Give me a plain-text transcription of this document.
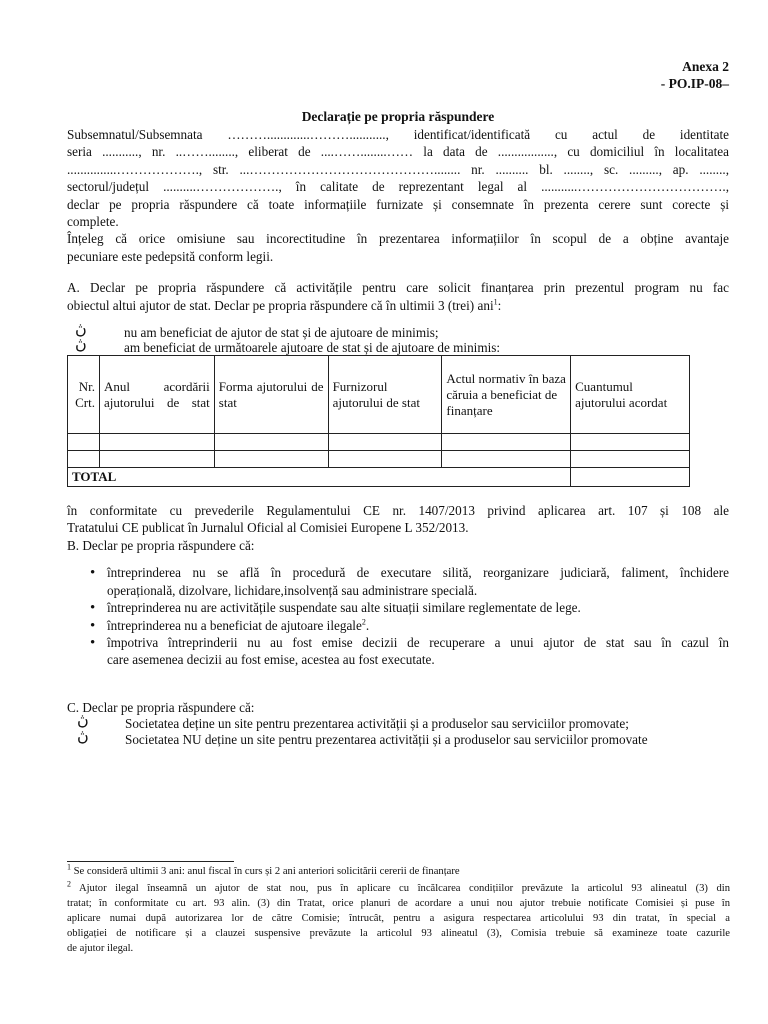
Anexa 2
- PO.IP-08–
Declarație pe propria răspundere

Subsemnatul/Subsemnata ……….............………..........., identificat/identificată cu actul de identitate

seria ..........., nr. ..……........, eliberat de ....……........…… la data de ................., cu domiciliul în localitatea

...............………………., str. ...……………………………………........ nr. .......... bl. ........, sc. ........., ap. ........,

sectorul/județul ..........………………., în calitate de reprezentant legal al ...........…………………………….,

declar pe propria răspundere că toate informațiile furnizate și consemnate în prezenta cerere sunt corecte și

complete.

Înțeleg că orice omisiune sau incorectitudine în prezentarea informațiilor în scopul de a obține avantaje

pecuniare este pedepsită conform legii.

A. Declar pe propria răspundere că activitățile pentru care solicit finanțarea prin prezentul program nu fac

obiectul altui ajutor de stat. Declar pe propria răspundere că în ultimii 3 (trei) ani$^1$:

ڽ	nu am beneficiat de ajutor de stat și de ajutoare de minimis;

ڽ	am beneficiat de următoarele ajutoare de stat și de ajutoare de minimis:

Nr. Crt.	Anul acordării ajutorului de stat	Forma ajutorului de stat	Furnizorul ajutorului de stat	Actul normativ în baza căruia a beneficiat de finanțare	Cuantumul ajutorului acordat

TOTAL					

în conformitate cu prevederile Regulamentului CE nr. 1407/2013 privind aplicarea art. 107 și 108 ale

Tratatului CE publicat în Jurnalul Oficial al Comisiei Europene L 352/2013.

B. Declar pe propria răspundere că:

• întreprinderea nu se află în procedură de executare silită, reorganizare judiciară, faliment, închidere
operațională, dizolvare, lichidare,insolvență sau administrare specială.
• întreprinderea nu are activitățile suspendate sau alte situații similare reglementate de lege.
• întreprinderea nu a beneficiat de ajutoare ilegale$^2$.
• împotriva întreprinderii nu au fost emise decizii de recuperare a unui ajutor de stat sau în cazul în
care asemenea decizii au fost emise, acestea au fost executate.

C. Declar pe propria răspundere că:

ڽ	Societatea deține un site pentru prezentarea activității și a produselor sau serviciilor promovate;

ڽ	Societatea NU deține un site pentru prezentarea activității și a produselor sau serviciilor promovate

$^1$ Se consideră ultimii 3 ani: anul fiscal în curs și 2 ani anteriori solicitării cererii de finanțare
$^2$ Ajutor ilegal înseamnă un ajutor de stat nou, pus în aplicare cu încălcarea condițiilor prevăzute la articolul 93 alineatul (3) din
tratat; în conformitate cu art. 93 alin. (3) din Tratat, orice planuri de acordare a unui nou ajutor trebuie notificate Comisiei și puse în
aplicare numai după autorizarea lor de către Comisie; întrucât, pentru a asigura respectarea articolului 93 din tratat, în special a
obligației de notificare și a clauzei suspensive prevăzute la articolul 93 alineatul (3), Comisia trebuie să examineze toate cazurile
de ajutor ilegal.
